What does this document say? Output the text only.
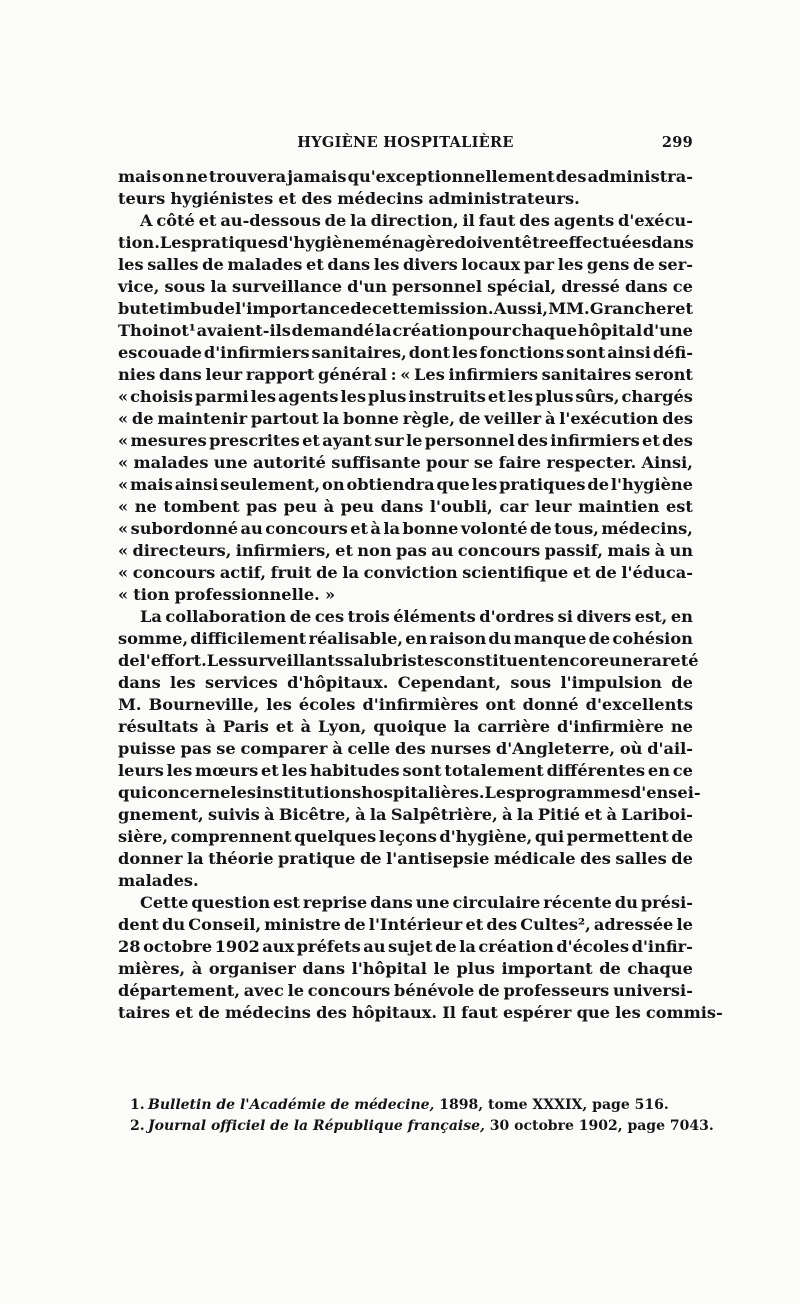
HYGIÈNE HOSPITALIÈRE	299
mais on ne trouvera jamais qu'exceptionnellement des administra-
teurs hygiénistes et des médecins administrateurs.
A côté et au-dessous de la direction, il faut des agents d'exécu-
tion. Les pratiques d'hygiène ménagère doivent être effectuées dans
les salles de malades et dans les divers locaux par les gens de ser-
vice, sous la surveillance d'un personnel spécial, dressé dans ce
but et imbu de l'importance de cette mission. Aussi, MM. Grancher et
Thoinot¹ avaient-ils demandé la création pour chaque hôpital d'une
escouade d'infirmiers sanitaires, dont les fonctions sont ainsi défi-
nies dans leur rapport général : « Les infirmiers sanitaires seront
« choisis parmi les agents les plus instruits et les plus sûrs, chargés
« de maintenir partout la bonne règle, de veiller à l'exécution des
« mesures prescrites et ayant sur le personnel des infirmiers et des
« malades une autorité suffisante pour se faire respecter. Ainsi,
« mais ainsi seulement, on obtiendra que les pratiques de l'hygiène
« ne tombent pas peu à peu dans l'oubli, car leur maintien est
« subordonné au concours et à la bonne volonté de tous, médecins,
« directeurs, infirmiers, et non pas au concours passif, mais à un
« concours actif, fruit de la conviction scientifique et de l'éduca-
« tion professionnelle. »
La collaboration de ces trois éléments d'ordres si divers est, en
somme, difficilement réalisable, en raison du manque de cohésion
de l'effort. Les surveillants salubristes constituent encore une rareté
dans les services d'hôpitaux. Cependant, sous l'impulsion de
M. Bourneville, les écoles d'infirmières ont donné d'excellents
résultats à Paris et à Lyon, quoique la carrière d'infirmière ne
puisse pas se comparer à celle des nurses d'Angleterre, où d'ail-
leurs les mœurs et les habitudes sont totalement différentes en ce
qui concerne les institutions hospitalières. Les programmes d'ensei-
gnement, suivis à Bicêtre, à la Salpêtrière, à la Pitié et à Lariboi-
sière, comprennent quelques leçons d'hygiène, qui permettent de
donner la théorie pratique de l'antisepsie médicale des salles de
malades.
Cette question est reprise dans une circulaire récente du prési-
dent du Conseil, ministre de l'Intérieur et des Cultes², adressée le
28 octobre 1902 aux préfets au sujet de la création d'écoles d'infir-
mières, à organiser dans l'hôpital le plus important de chaque
département, avec le concours bénévole de professeurs universi-
taires et de médecins des hôpitaux. Il faut espérer que les commis-
1. Bulletin de l'Académie de médecine, 1898, tome XXXIX, page 516.
2. Journal officiel de la République française, 30 octobre 1902, page 7043.
